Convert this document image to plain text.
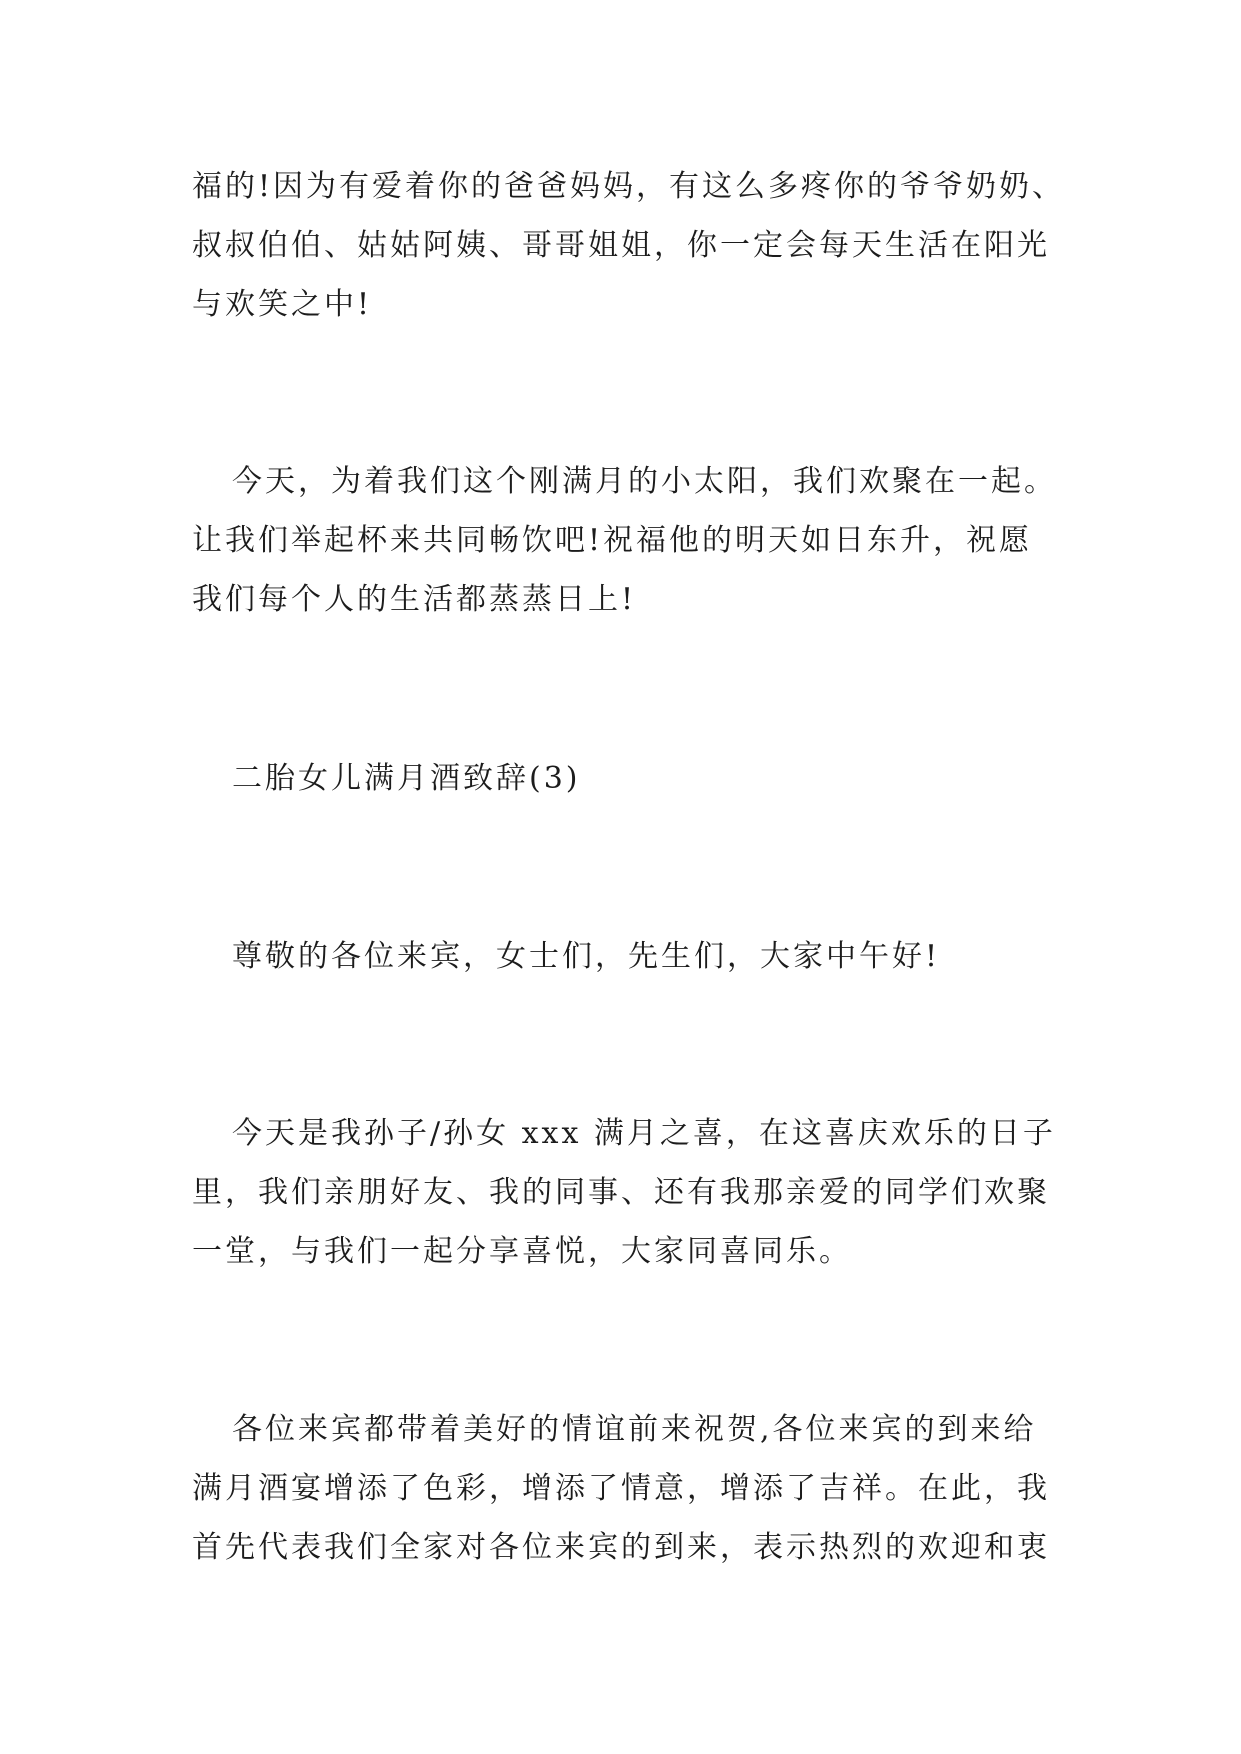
福的!因为有爱着你的爸爸妈妈，有这么多疼你的爷爷奶奶、

叔叔伯伯、姑姑阿姨、哥哥姐姐，你一定会每天生活在阳光

与欢笑之中!

今天，为着我们这个刚满月的小太阳，我们欢聚在一起。

让我们举起杯来共同畅饮吧!祝福他的明天如日东升，祝愿

我们每个人的生活都蒸蒸日上!

二胎女儿满月酒致辞(3)

尊敬的各位来宾，女士们，先生们，大家中午好!

今天是我孙子/孙女 xxx 满月之喜，在这喜庆欢乐的日子

里，我们亲朋好友、我的同事、还有我那亲爱的同学们欢聚

一堂，与我们一起分享喜悦，大家同喜同乐。

各位来宾都带着美好的情谊前来祝贺,各位来宾的到来给

满月酒宴增添了色彩，增添了情意，增添了吉祥。在此，我

首先代表我们全家对各位来宾的到来，表示热烈的欢迎和衷
